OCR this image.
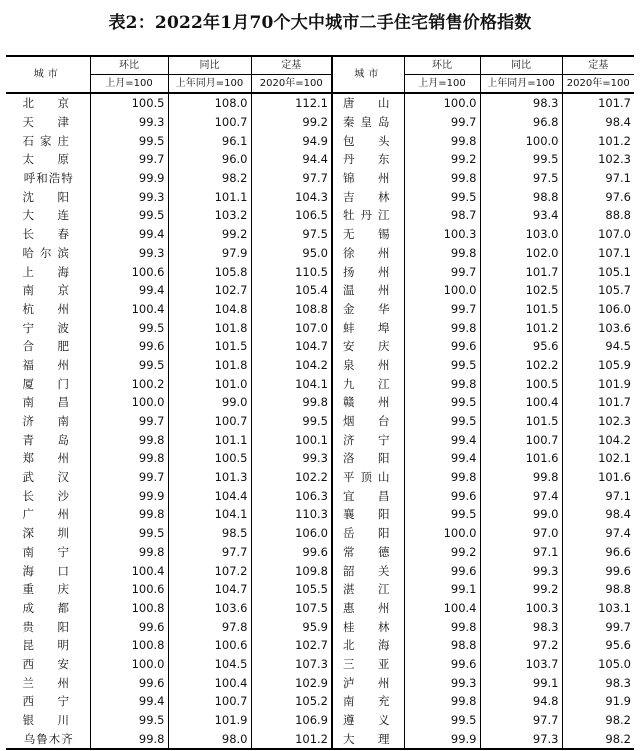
表2：2022年1月70个大中城市二手住宅销售价格指数
城市	环比	同比	定基	城市	环比	同比	定基
	上月=100	上年同月=100	2020年=100		上月=100	上年同月=100	2020年=100
北　京	100.5	108.0	112.1	唐　山	100.0	98.3	101.7
天　津	99.3	100.7	99.2	秦皇岛	99.7	96.8	98.4
石家庄	99.5	96.1	94.9	包　头	99.8	100.0	101.2
太　原	99.7	96.0	94.4	丹　东	99.2	99.5	102.3
呼和浩特	99.9	98.2	97.7	锦　州	99.8	97.5	97.1
沈　阳	99.3	101.1	104.3	吉　林	99.5	98.8	97.6
大　连	99.5	103.2	106.5	牡丹江	98.7	93.4	88.8
长　春	99.4	99.2	97.5	无　锡	100.3	103.0	107.0
哈尔滨	99.3	97.9	95.0	徐　州	99.8	102.0	107.1
上　海	100.6	105.8	110.5	扬　州	99.7	101.7	105.1
南　京	99.4	102.7	105.4	温　州	100.0	102.5	105.7
杭　州	100.4	104.8	108.8	金　华	99.7	101.5	106.0
宁　波	99.5	101.8	107.0	蚌　埠	99.8	101.2	103.6
合　肥	99.6	101.5	104.7	安　庆	99.6	95.6	94.5
福　州	99.5	101.8	104.2	泉　州	99.5	102.2	105.9
厦　门	100.2	101.0	104.1	九　江	99.8	100.5	101.9
南　昌	100.0	99.0	99.8	赣　州	99.5	100.4	101.7
济　南	99.7	100.7	99.5	烟　台	99.5	101.5	102.3
青　岛	99.8	101.1	100.1	济　宁	99.4	100.7	104.2
郑　州	99.8	100.5	99.3	洛　阳	99.4	101.6	102.1
武　汉	99.7	101.3	102.2	平顶山	99.8	99.8	101.6
长　沙	99.9	104.4	106.3	宜　昌	99.6	97.4	97.1
广　州	99.8	104.1	110.3	襄　阳	99.5	99.0	98.4
深　圳	99.5	98.5	106.0	岳　阳	100.0	97.0	97.4
南　宁	99.8	97.7	99.6	常　德	99.2	97.1	96.6
海　口	100.4	107.2	109.8	韶　关	99.6	99.3	99.6
重　庆	100.6	104.7	105.5	湛　江	99.1	99.2	98.8
成　都	100.8	103.6	107.5	惠　州	100.4	100.3	103.1
贵　阳	99.6	97.8	95.9	桂　林	99.8	98.3	99.7
昆　明	100.8	100.6	102.7	北　海	98.8	97.2	95.6
西　安	100.0	104.5	107.3	三　亚	99.6	103.7	105.0
兰　州	99.6	100.4	102.9	泸　州	99.3	99.1	98.3
西　宁	99.4	100.7	105.2	南　充	99.8	94.8	91.9
银　川	99.5	101.9	106.9	遵　义	99.5	97.7	98.2
乌鲁木齐	99.8	98.0	101.2	大　理	99.9	97.3	98.2
